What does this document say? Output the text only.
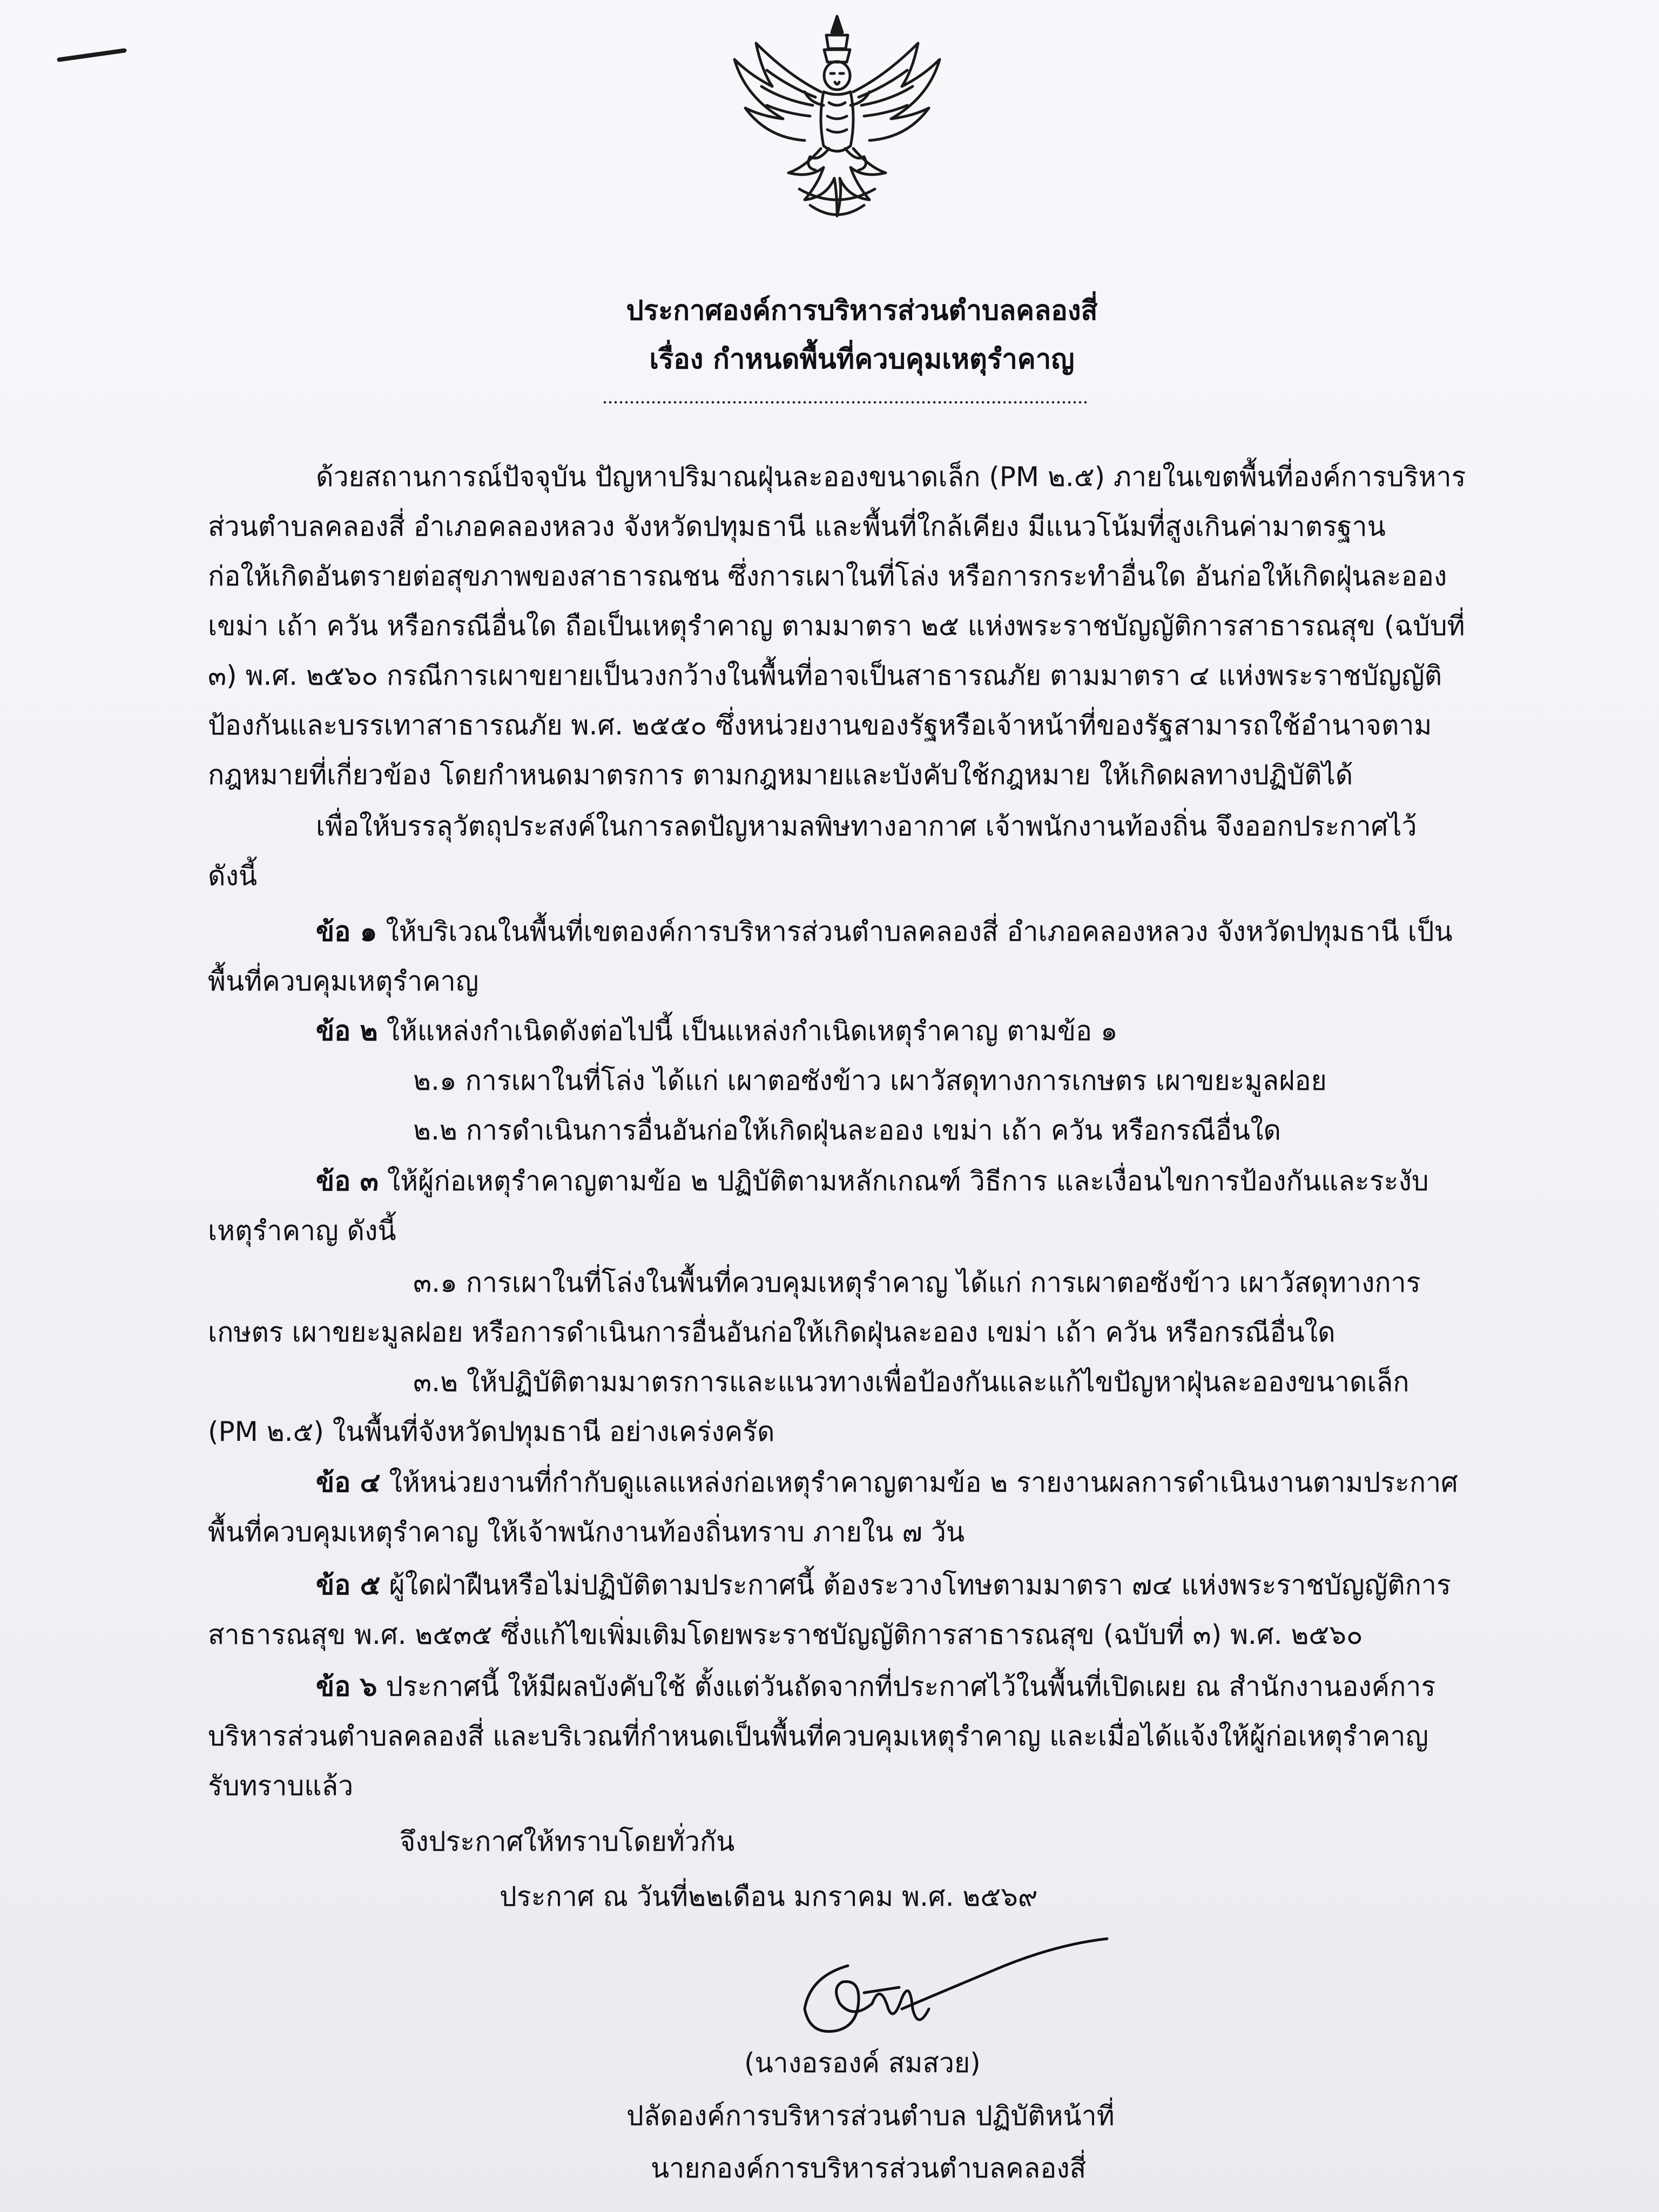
ประกาศองค์การบริหารส่วนตำบลคลองสี่
เรื่อง กำหนดพื้นที่ควบคุมเหตุรำคาญ
ด้วยสถานการณ์ปัจจุบัน ปัญหาปริมาณฝุ่นละอองขนาดเล็ก (PM ๒.๕) ภายในเขตพื้นที่องค์การบริหาร
ส่วนตำบลคลองสี่ อำเภอคลองหลวง จังหวัดปทุมธานี และพื้นที่ใกล้เคียง มีแนวโน้มที่สูงเกินค่ามาตรฐาน
ก่อให้เกิดอันตรายต่อสุขภาพของสาธารณชน ซึ่งการเผาในที่โล่ง หรือการกระทำอื่นใด อันก่อให้เกิดฝุ่นละออง
เขม่า เถ้า ควัน หรือกรณีอื่นใด ถือเป็นเหตุรำคาญ ตามมาตรา ๒๕ แห่งพระราชบัญญัติการสาธารณสุข (ฉบับที่
๓) พ.ศ. ๒๕๖๐ กรณีการเผาขยายเป็นวงกว้างในพื้นที่อาจเป็นสาธารณภัย ตามมาตรา ๔ แห่งพระราชบัญญัติ
ป้องกันและบรรเทาสาธารณภัย พ.ศ. ๒๕๕๐ ซึ่งหน่วยงานของรัฐหรือเจ้าหน้าที่ของรัฐสามารถใช้อำนาจตาม
กฎหมายที่เกี่ยวข้อง โดยกำหนดมาตรการ ตามกฎหมายและบังคับใช้กฎหมาย ให้เกิดผลทางปฏิบัติได้
เพื่อให้บรรลุวัตถุประสงค์ในการลดปัญหามลพิษทางอากาศ เจ้าพนักงานท้องถิ่น จึงออกประกาศไว้
ดังนี้
ข้อ ๑ ให้บริเวณในพื้นที่เขตองค์การบริหารส่วนตำบลคลองสี่ อำเภอคลองหลวง จังหวัดปทุมธานี เป็น
พื้นที่ควบคุมเหตุรำคาญ
ข้อ ๒ ให้แหล่งกำเนิดดังต่อไปนี้ เป็นแหล่งกำเนิดเหตุรำคาญ ตามข้อ ๑
๒.๑ การเผาในที่โล่ง ได้แก่ เผาตอซังข้าว เผาวัสดุทางการเกษตร เผาขยะมูลฝอย
๒.๒ การดำเนินการอื่นอันก่อให้เกิดฝุ่นละออง เขม่า เถ้า ควัน หรือกรณีอื่นใด
ข้อ ๓ ให้ผู้ก่อเหตุรำคาญตามข้อ ๒ ปฏิบัติตามหลักเกณฑ์ วิธีการ และเงื่อนไขการป้องกันและระงับ
เหตุรำคาญ ดังนี้
๓.๑ การเผาในที่โล่งในพื้นที่ควบคุมเหตุรำคาญ ได้แก่ การเผาตอซังข้าว เผาวัสดุทางการ
เกษตร เผาขยะมูลฝอย หรือการดำเนินการอื่นอันก่อให้เกิดฝุ่นละออง เขม่า เถ้า ควัน หรือกรณีอื่นใด
๓.๒ ให้ปฏิบัติตามมาตรการและแนวทางเพื่อป้องกันและแก้ไขปัญหาฝุ่นละอองขนาดเล็ก
(PM ๒.๕) ในพื้นที่จังหวัดปทุมธานี อย่างเคร่งครัด
ข้อ ๔ ให้หน่วยงานที่กำกับดูแลแหล่งก่อเหตุรำคาญตามข้อ ๒ รายงานผลการดำเนินงานตามประกาศ
พื้นที่ควบคุมเหตุรำคาญ ให้เจ้าพนักงานท้องถิ่นทราบ ภายใน ๗ วัน
ข้อ ๕ ผู้ใดฝ่าฝืนหรือไม่ปฏิบัติตามประกาศนี้ ต้องระวางโทษตามมาตรา ๗๔ แห่งพระราชบัญญัติการ
สาธารณสุข พ.ศ. ๒๕๓๕ ซึ่งแก้ไขเพิ่มเติมโดยพระราชบัญญัติการสาธารณสุข (ฉบับที่ ๓) พ.ศ. ๒๕๖๐
ข้อ ๖ ประกาศนี้ ให้มีผลบังคับใช้ ตั้งแต่วันถัดจากที่ประกาศไว้ในพื้นที่เปิดเผย ณ สำนักงานองค์การ
บริหารส่วนตำบลคลองสี่ และบริเวณที่กำหนดเป็นพื้นที่ควบคุมเหตุรำคาญ และเมื่อได้แจ้งให้ผู้ก่อเหตุรำคาญ
รับทราบแล้ว
จึงประกาศให้ทราบโดยทั่วกัน
ประกาศ ณ วันที่๒๒เดือน มกราคม พ.ศ. ๒๕๖๙
(นางอรองค์ สมสวย)
ปลัดองค์การบริหารส่วนตำบล ปฏิบัติหน้าที่
นายกองค์การบริหารส่วนตำบลคลองสี่
